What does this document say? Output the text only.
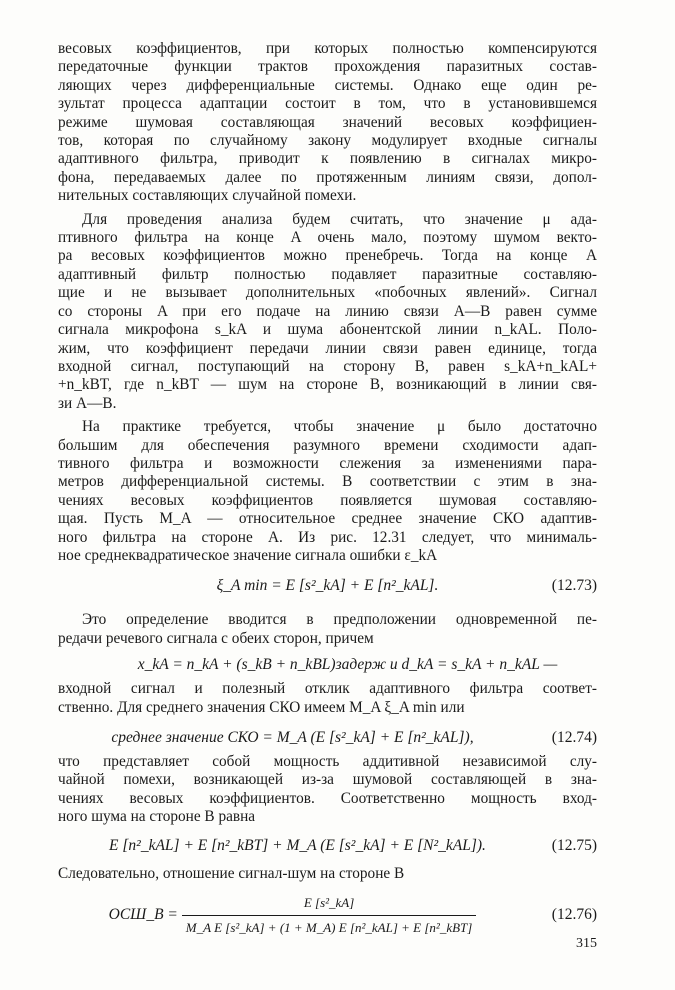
весовых коэффициентов, при которых полностью компенсируются
передаточные функции трактов прохождения паразитных состав-
ляющих через дифференциальные системы. Однако еще один ре-
зультат процесса адаптации состоит в том, что в установившемся
режиме шумовая составляющая значений весовых коэффициен-
тов, которая по случайному закону модулирует входные сигналы
адаптивного фильтра, приводит к появлению в сигналах микро-
фона, передаваемых далее по протяженным линиям связи, допол-
нительных составляющих случайной помехи.

Для проведения анализа будем считать, что значение μ ада-
птивного фильтра на конце A очень мало, поэтому шумом векто-
ра весовых коэффициентов можно пренебречь. Тогда на конце A
адаптивный фильтр полностью подавляет паразитные составляю-
щие и не вызывает дополнительных «побочных явлений». Сигнал
со стороны A при его подаче на линию связи A—B равен сумме
сигнала микрофона s_kA и шума абонентской линии n_kAL. Поло-
жим, что коэффициент передачи линии связи равен единице, тогда
входной сигнал, поступающий на сторону B, равен s_kA+n_kAL+
+n_kBT, где n_kBT — шум на стороне B, возникающий в линии свя-
зи A—B.

На практике требуется, чтобы значение μ было достаточно
большим для обеспечения разумного времени сходимости адап-
тивного фильтра и возможности слежения за изменениями пара-
метров дифференциальной системы. В соответствии с этим в зна-
чениях весовых коэффициентов появляется шумовая составляю-
щая. Пусть M_A — относительное среднее значение СКО адаптив-
ного фильтра на стороне A. Из рис. 12.31 следует, что минималь-
ное среднеквадратическое значение сигнала ошибки ε_kA

ξ_A min = E [s²_kA] + E [n²_kAL].	(12.73)

Это определение вводится в предположении одновременной пе-
редачи речевого сигнала с обеих сторон, причем

x_kA = n_kA + (s_kB + n_kBL)задерж и d_kA = s_kA + n_kAL —

входной сигнал и полезный отклик адаптивного фильтра соответ-
ственно. Для среднего значения СКО имеем M_A ξ_A min или

среднее значение СКО = M_A (E [s²_kA] + E [n²_kAL]),	(12.74)

что представляет собой мощность аддитивной независимой слу-
чайной помехи, возникающей из-за шумовой составляющей в зна-
чениях весовых коэффициентов. Соответственно мощность вход-
ного шума на стороне B равна

E [n²_kAL] + E [n²_kBT] + M_A (E [s²_kA] + E [N²_kAL]).	(12.75)

Следовательно, отношение сигнал-шум на стороне B

ОСШ_B = $\frac{\text{E [s²\_kA]}}{\text{M\_A E [s²\_kA] + (1 + M\_A) E [n²\_kAL] + E [n²\_kBT]}}$	(12.76)
315
